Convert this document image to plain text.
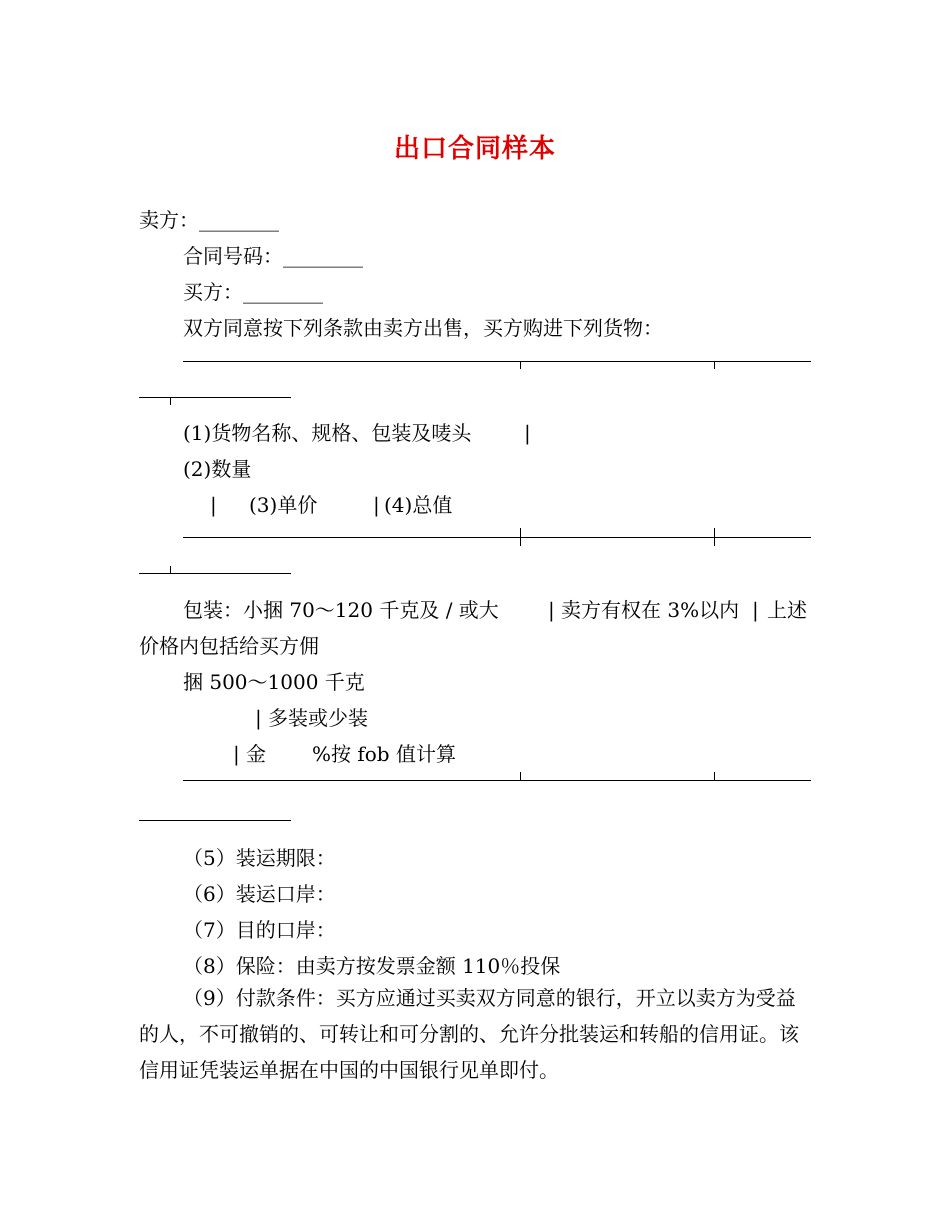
出口合同样本
卖方：________
合同号码：________
买方：________
双方同意按下列条款由卖方出售，买方购进下列货物：
(1)货物名称、规格、包装及唛头	|
(2)数量
| (3)单价	| (4)总值
包装：小捆 70～120 千克及 / 或大 | 卖方有权在 3%以内 | 上述价格内包括给买方佣
捆 500～1000 千克
| 多装或少装
| 金 %按 fob 值计算
（5）装运期限：
（6）装运口岸：
（7）目的口岸：
（8）保险：由卖方按发票金额 110％投保
（9）付款条件：买方应通过买卖双方同意的银行，开立以卖方为受益的人，不可撤销的、可转让和可分割的、允许分批装运和转船的信用证。该信用证凭装运单据在中国的中国银行见单即付。
